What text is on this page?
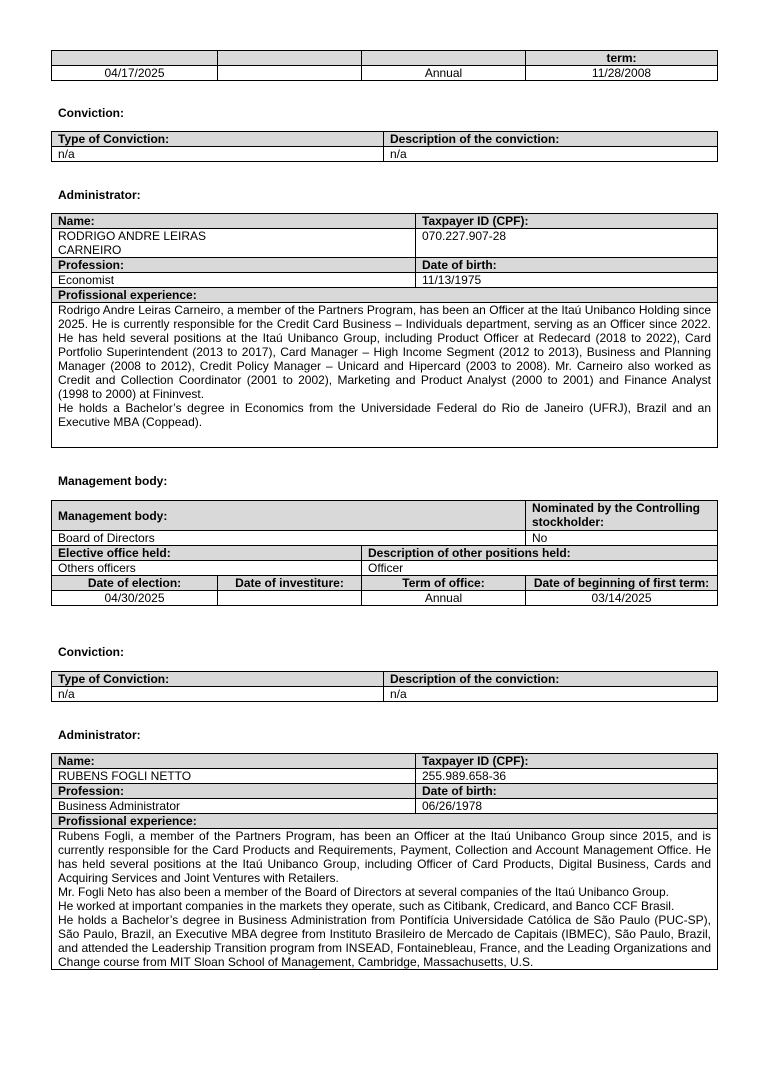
			term:
04/17/2025		Annual	11/28/2008
Conviction:
Type of Conviction:	Description of the conviction:
n/a	n/a
Administrator:
Name:	Taxpayer ID (CPF):
RODRIGO ANDRE LEIRAS CARNEIRO	070.227.907-28
Profession:	Date of birth:
Economist	11/13/1975
Profissional experience:	

Rodrigo Andre Leiras Carneiro, a member of the Partners Program, has been an Officer at the Itaú Unibanco Holding since 2025. He is currently responsible for the Credit Card Business – Individuals department, serving as an Officer since 2022. He has held several positions at the Itaú Unibanco Group, including Product Officer at Redecard (2018 to 2022), Card Portfolio Superintendent (2013 to 2017), Card Manager – High Income Segment (2012 to 2013), Business and Planning Manager (2008 to 2012), Credit Policy Manager – Unicard and Hipercard (2003 to 2008). Mr. Carneiro also worked as Credit and Collection Coordinator (2001 to 2002), Marketing and Product Analyst (2000 to 2001) and Finance Analyst (1998 to 2000) at Fininvest.

He holds a Bachelor’s degree in Economics from the Universidade Federal do Rio de Janeiro (UFRJ), Brazil and an Executive MBA (Coppead).	

Management body:
Management body:			Nominated by the Controlling stockholder:
Board of Directors			No
Elective office held:		Description of other positions held:	
Others officers		Officer	
Date of election:	Date of investiture:	Term of office:	Date of beginning of first term:
04/30/2025		Annual	03/14/2025
Conviction:
Type of Conviction:	Description of the conviction:
n/a	n/a
Administrator:
Name:	Taxpayer ID (CPF):
RUBENS FOGLI NETTO	255.989.658-36
Profession:	Date of birth:
Business Administrator	06/26/1978
Profissional experience:	

Rubens Fogli, a member of the Partners Program, has been an Officer at the Itaú Unibanco Group since 2015, and is currently responsible for the Card Products and Requirements, Payment, Collection and Account Management Office. He has held several positions at the Itaú Unibanco Group, including Officer of Card Products, Digital Business, Cards and Acquiring Services and Joint Ventures with Retailers.

Mr. Fogli Neto has also been a member of the Board of Directors at several companies of the Itaú Unibanco Group.

He worked at important companies in the markets they operate, such as Citibank, Credicard, and Banco CCF Brasil.

He holds a Bachelor’s degree in Business Administration from Pontifícia Universidade Católica de São Paulo (PUC-SP), São Paulo, Brazil, an Executive MBA degree from Instituto Brasileiro de Mercado de Capitais (IBMEC), São Paulo, Brazil, and attended the Leadership Transition program from INSEAD, Fontainebleau, France, and the Leading Organizations and Change course from MIT Sloan School of Management, Cambridge, Massachusetts, U.S.	
